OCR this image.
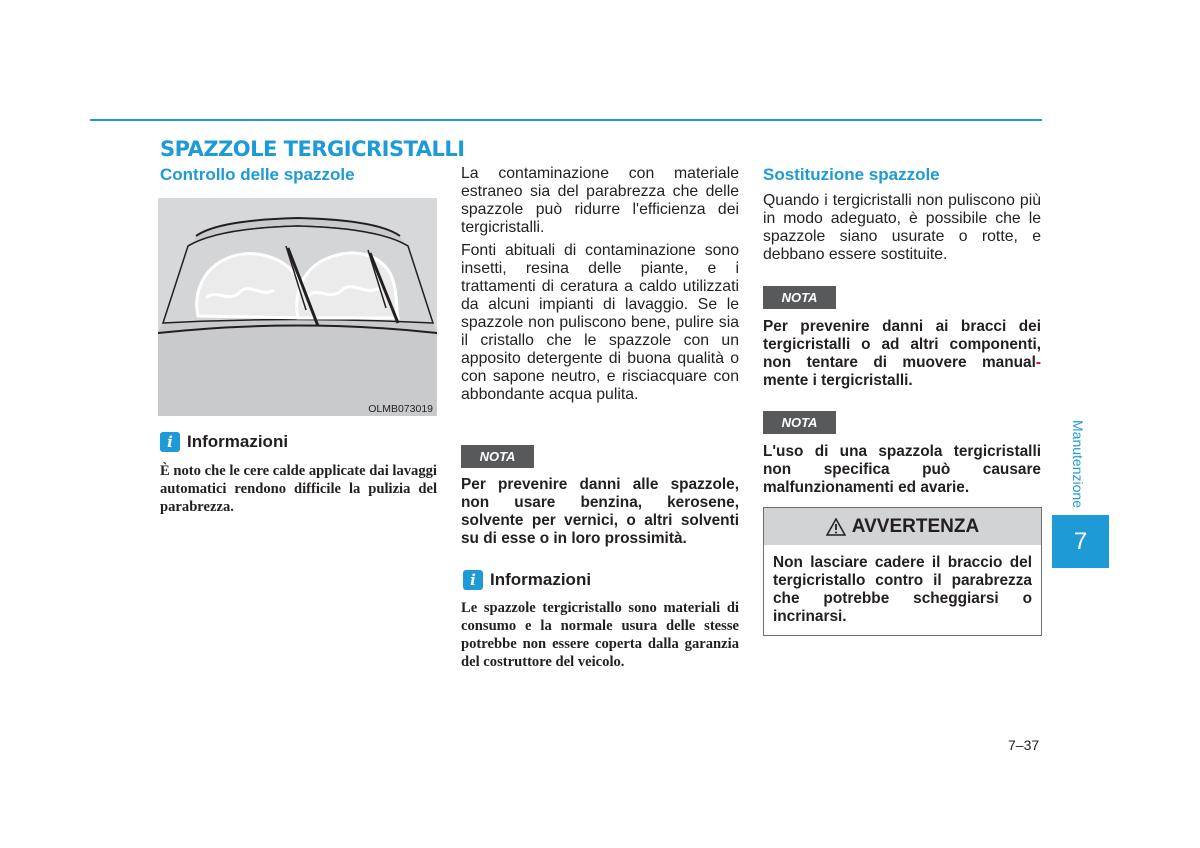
SPAZZOLE TERGICRISTALLI
Controllo delle spazzole
OLMB073019
i Informazioni
È noto che le cere calde applicate dai lavaggi automatici rendono difficile la pulizia del parabrezza.
La contaminazione con materiale estraneo sia del parabrezza che delle spazzole può ridurre l'efficienza dei tergicristalli.
Fonti abituali di contaminazione sono insetti, resina delle piante, e i trattamenti di ceratura a caldo utilizzati da alcuni impianti di lavaggio. Se le spazzole non puliscono bene, pulire sia il cristallo che le spazzole con un apposito detergente di buona qualità o con sapone neutro, e risciacquare con abbondante acqua pulita.
NOTA
Per prevenire danni alle spazzole, non usare benzina, kerosene, solvente per vernici, o altri solventi su di esse o in loro prossimità.
i Informazioni
Le spazzole tergicristallo sono materiali di consumo e la normale usura delle stesse potrebbe non essere coperta dalla garanzia del costruttore del veicolo.
Sostituzione spazzole
Quando i tergicristalli non puliscono più in modo adeguato, è possibile che le spazzole siano usurate o rotte, e debbano essere sostituite.
NOTA
Per prevenire danni ai bracci dei tergicristalli o ad altri componenti, non tentare di muovere manual- mente i tergicristalli.
NOTA
L'uso di una spazzola tergicristalli non specifica può causare malfunzionamenti ed avarie.
AVVERTENZA
Non lasciare cadere il braccio del tergicristallo contro il parabrezza che potrebbe scheggiarsi o incrinarsi.
Manutenzione
7
7–37
